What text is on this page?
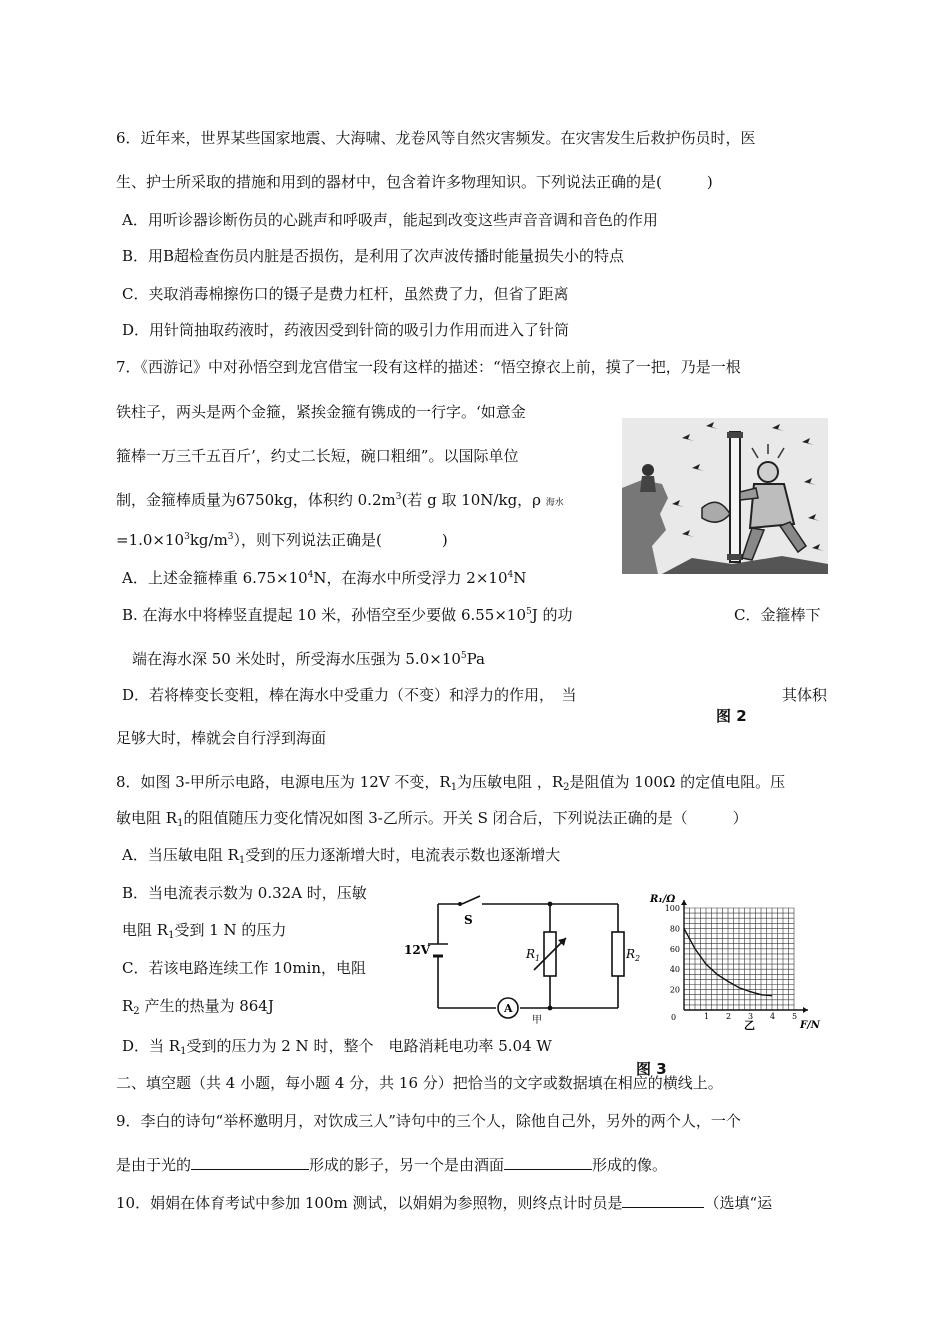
6．近年来，世界某些国家地震、大海啸、龙卷风等自然灾害频发。在灾害发生后救护伤员时，医
生、护士所采取的措施和用到的器材中，包含着许多物理知识。下列说法正确的是(　　　)
A．用听诊器诊断伤员的心跳声和呼吸声，能起到改变这些声音音调和音色的作用
B．用B超检查伤员内脏是否损伤，是利用了次声波传播时能量损失小的特点
C．夹取消毒棉擦伤口的镊子是费力杠杆，虽然费了力，但省了距离
D．用针筒抽取药液时，药液因受到针筒的吸引力作用而进入了针筒
7．《西游记》中对孙悟空到龙宫借宝一段有这样的描述：“悟空撩衣上前，摸了一把，乃是一根
铁柱子，两头是两个金箍，紧挨金箍有镌成的一行字。‘如意金
箍棒一万三千五百斤’，约丈二长短，碗口粗细”。以国际单位
制，金箍棒质量为6750kg，体积约 $0.2m^3$(若 g 取 10N/kg，ρ 海水
$=1.0\times 10^3kg/m^3$），则下列说法正确是(　　　　)
A．上述金箍棒重 $6.75\times 10^4N$，在海水中所受浮力 $2\times 10^4N$
B. 在海水中将棒竖直提起 10 米，孙悟空至少要做 $6.55\times 10^5J$ 的功	C．金箍棒下
端在海水深 50 米处时，所受海水压强为 $5.0\times 10^5Pa$
D．若将棒变长变粗，棒在海水中受重力（不变）和浮力的作用，　当	其体积
图 2
足够大时，棒就会自行浮到海面
8．如图 3-甲所示电路，电源电压为 12V 不变，$R_1$为压敏电阻 ，$R_2$是阻值为 100Ω 的定值电阻。压
敏电阻 $R_1$的阻值随压力变化情况如图 3-乙所示。开关 S 闭合后，下列说法正确的是（　　　）
A．当压敏电阻 $R_1$受到的压力逐渐增大时，电流表示数也逐渐增大
B．当电流表示数为 0.32A 时，压敏
电阻 $R_1$受到 1 N 的压力
C．若该电路连续工作 10min，电阻
$R_2$ 产生的热量为 864J
D．当 $R_1$受到的压力为 2 N 时，整个　电路消耗电功率 5.04 W
S
12V	$R_1$	$R_2$
A
甲	1 2 3 4 5
20
40
60
80
100
R₁/Ω
F/N
乙
0
图 3
二、填空题（共 4 小题，每小题 4 分，共 16 分）把恰当的文字或数据填在相应的横线上。
9．李白的诗句“举杯邀明月，对饮成三人”诗句中的三个人，除他自己外，另外的两个人，一个
是由于光的	形成的影子，另一个是由酒面	形成的像。
10．娟娟在体育考试中参加 100m 测试，以娟娟为参照物，则终点计时员是	（选填“运
